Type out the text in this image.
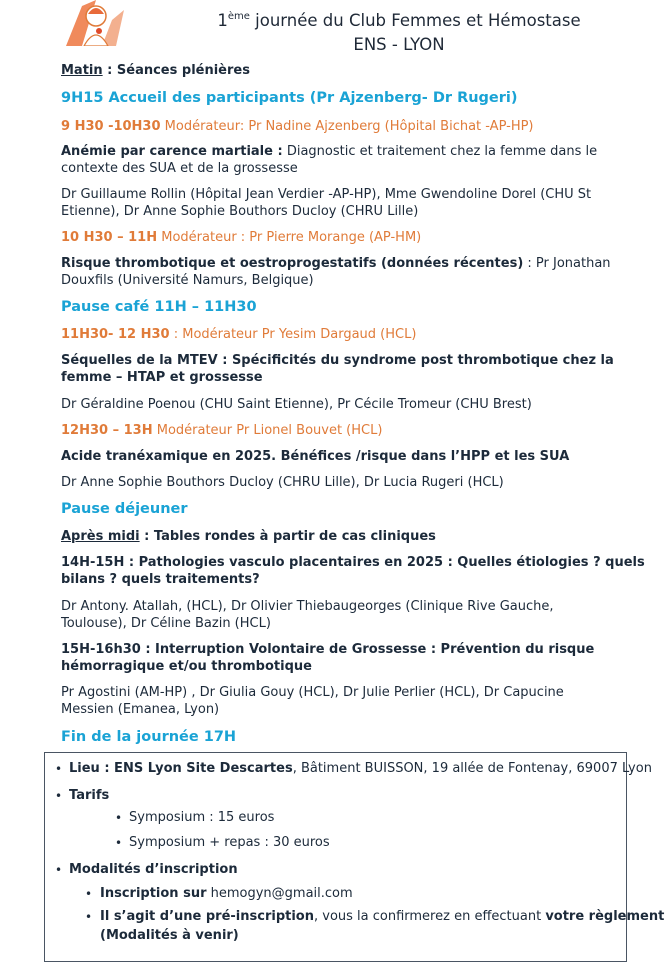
1ème journée du Club Femmes et Hémostase
ENS - LYON
Matin : Séances plénières
9H15 Accueil des participants (Pr Ajzenberg- Dr Rugeri)
9 H30 -10H30 Modérateur: Pr Nadine Ajzenberg (Hôpital Bichat -AP-HP)
Anémie par carence martiale : Diagnostic et traitement chez la femme dans le
contexte des SUA et de la grossesse
Dr Guillaume Rollin (Hôpital Jean Verdier -AP-HP), Mme Gwendoline Dorel (CHU St
Etienne), Dr Anne Sophie Bouthors Ducloy (CHRU Lille)
10 H30 – 11H Modérateur : Pr Pierre Morange (AP-HM)
Risque thrombotique et oestroprogestatifs (données récentes) : Pr Jonathan
Douxfils (Université Namurs, Belgique)
Pause café 11H – 11H30
11H30- 12 H30 : Modérateur Pr Yesim Dargaud (HCL)
Séquelles de la MTEV : Spécificités du syndrome post thrombotique chez la
femme – HTAP et grossesse
Dr Géraldine Poenou (CHU Saint Etienne), Pr Cécile Tromeur (CHU Brest)
12H30 – 13H Modérateur Pr Lionel Bouvet (HCL)
Acide tranéxamique en 2025. Bénéfices /risque dans l’HPP et les SUA
Dr Anne Sophie Bouthors Ducloy (CHRU Lille), Dr Lucia Rugeri (HCL)
Pause déjeuner
Après midi : Tables rondes à partir de cas cliniques
14H-15H : Pathologies vasculo placentaires en 2025 : Quelles étiologies ? quels
bilans ? quels traitements?
Dr Antony. Atallah, (HCL), Dr Olivier Thiebaugeorges (Clinique Rive Gauche,
Toulouse), Dr Céline Bazin (HCL)
15H-16h30 : Interruption Volontaire de Grossesse : Prévention du risque
hémorragique et/ou thrombotique
Pr Agostini (AM-HP) , Dr Giulia Gouy (HCL), Dr Julie Perlier (HCL), Dr Capucine
Messien (Emanea, Lyon)
Fin de la journée 17H
• Lieu : ENS Lyon Site Descartes, Bâtiment BUISSON, 19 allée de Fontenay, 69007 Lyon
• Tarifs
• Symposium : 15 euros
• Symposium + repas : 30 euros
• Modalités d’inscription
• Inscription sur hemogyn@gmail.com
• Il s’agit d’une pré-inscription, vous la confirmerez en effectuant votre règlement
(Modalités à venir)
